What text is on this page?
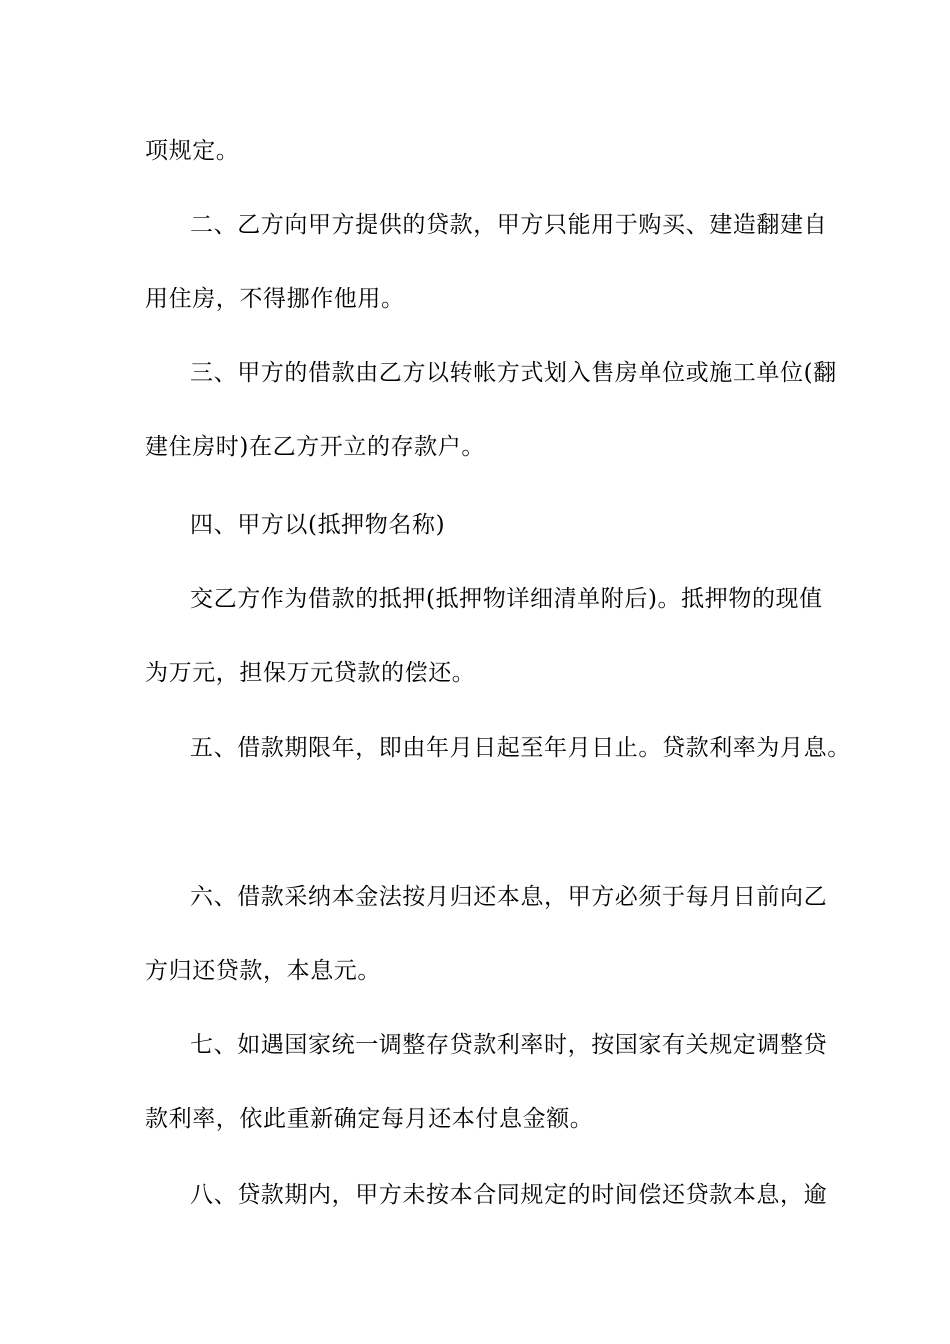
项规定。
二、乙方向甲方提供的贷款，甲方只能用于购买、建造翻建自
用住房，不得挪作他用。
三、甲方的借款由乙方以转帐方式划入售房单位或施工单位(翻
建住房时)在乙方开立的存款户。
四、甲方以(抵押物名称)
交乙方作为借款的抵押(抵押物详细清单附后)。抵押物的现值
为万元，担保万元贷款的偿还。
五、借款期限年，即由年月日起至年月日止。贷款利率为月息。
六、借款采纳本金法按月归还本息，甲方必须于每月日前向乙
方归还贷款，本息元。
七、如遇国家统一调整存贷款利率时，按国家有关规定调整贷
款利率，依此重新确定每月还本付息金额。
八、贷款期内，甲方未按本合同规定的时间偿还贷款本息，逾
